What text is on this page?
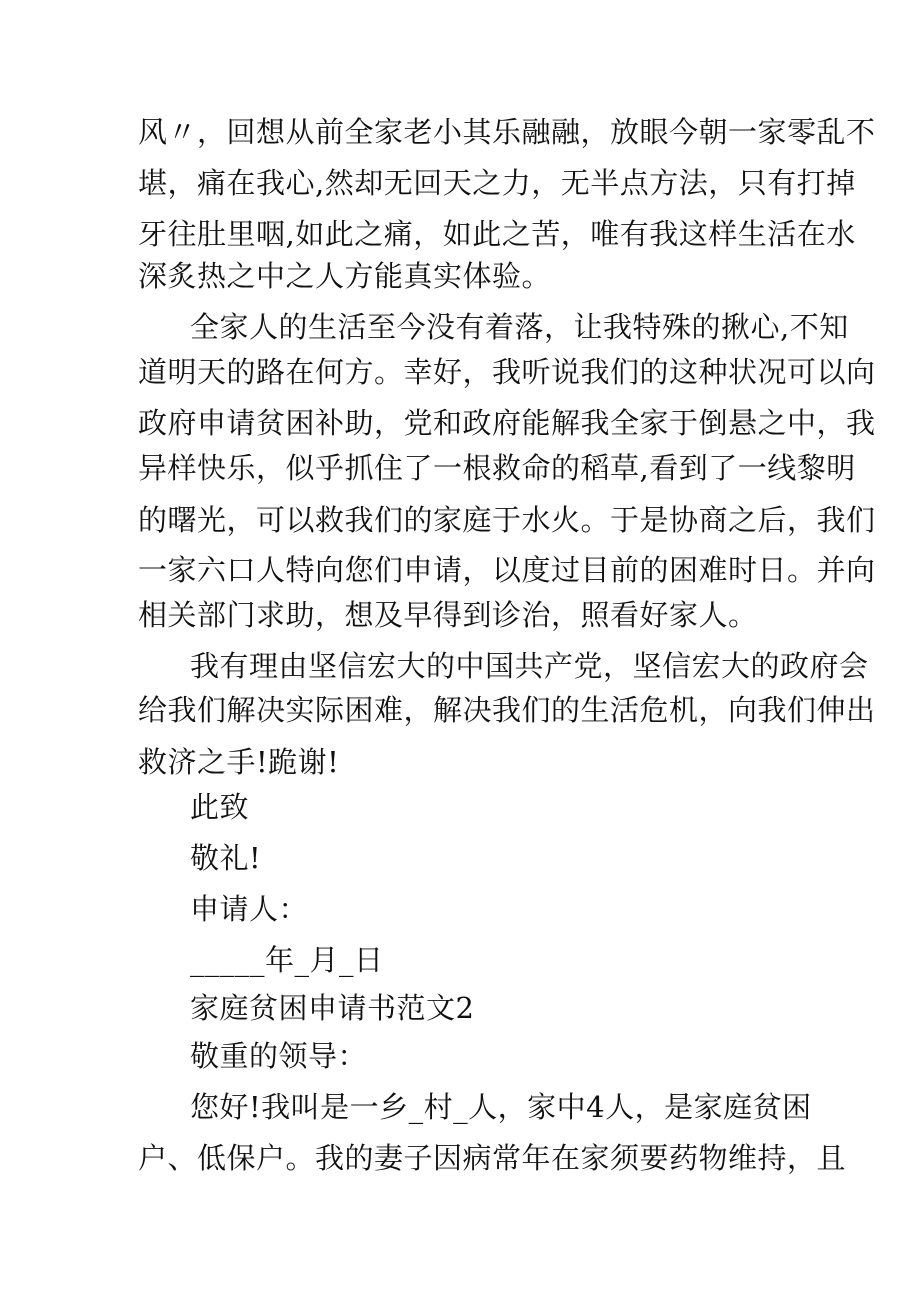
风〃，回想从前全家老小其乐融融，放眼今朝一家零乱不
堪，痛在我心,然却无回天之力，无半点方法，只有打掉
牙往肚里咽,如此之痛，如此之苦，唯有我这样生活在水
深炙热之中之人方能真实体验。
全家人的生活至今没有着落，让我特殊的揪心,不知
道明天的路在何方。幸好，我听说我们的这种状况可以向
政府申请贫困补助，党和政府能解我全家于倒悬之中，我
异样快乐，似乎抓住了一根救命的稻草,看到了一线黎明
的曙光，可以救我们的家庭于水火。于是协商之后，我们
一家六口人特向您们申请，以度过目前的困难时日。并向
相关部门求助，想及早得到诊治，照看好家人。
我有理由坚信宏大的中国共产党，坚信宏大的政府会
给我们解决实际困难，解决我们的生活危机，向我们伸出
救济之手!跪谢!
此致
敬礼!
申请人：
_____年_月_日
家庭贫困申请书范文2
敬重的领导：
您好!我叫是一乡_村_人，家中4人，是家庭贫困
户、低保户。我的妻子因病常年在家须要药物维持，且
